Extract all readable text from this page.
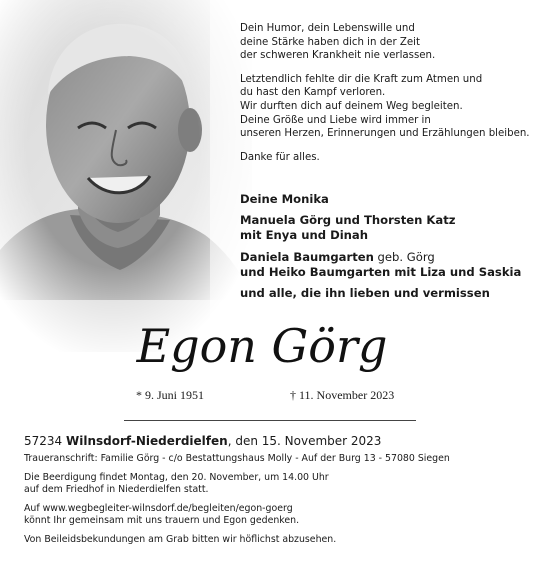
Dein Humor, dein Lebenswille und
deine Stärke haben dich in der Zeit
der schweren Krankheit nie verlassen.

Letztendlich fehlte dir die Kraft zum Atmen und
du hast den Kampf verloren.
Wir durften dich auf deinem Weg begleiten.
Deine Größe und Liebe wird immer in
unseren Herzen, Erinnerungen und Erzählungen bleiben.

Danke für alles.

Deine Monika
Manuela Görg und Thorsten Katz
mit Enya und Dinah
Daniela Baumgarten geb. Görg
und Heiko Baumgarten mit Liza und Saskia
und alle, die ihn lieben und vermissen
Egon Görg
* 9. Juni 1951	† 11. November 2023
57234 Wilnsdorf-Niederdielfen, den 15. November 2023

Traueranschrift: Familie Görg - c/o Bestattungshaus Molly - Auf der Burg 13 - 57080 Siegen

Die Beerdigung findet Montag, den 20. November, um 14.00 Uhr
auf dem Friedhof in Niederdielfen statt.

Auf www.wegbegleiter-wilnsdorf.de/begleiten/egon-goerg
könnt Ihr gemeinsam mit uns trauern und Egon gedenken.

Von Beileidsbekundungen am Grab bitten wir höflichst abzusehen.
